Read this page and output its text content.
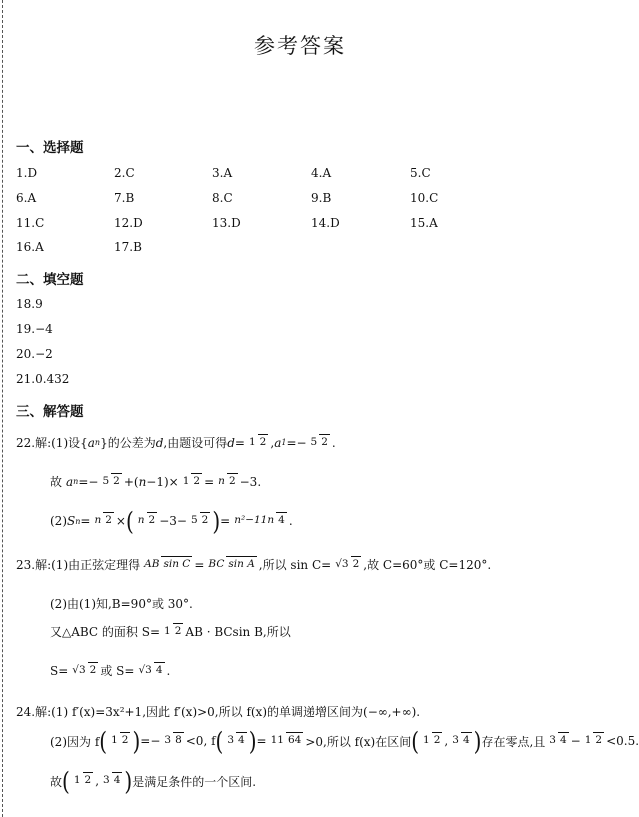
参考答案
一、选择题
1.D	2.C	3.A	4.A	5.C
6.A	7.B	8.C	9.B	10.C
11.C	12.D	13.D	14.D	15.A
16.A	17.B
二、填空题
18.9
19.−4
20.−2
21.0.432
三、解答题
22.解:(1)设{ a n }的公差为 d ,由题设可得 d = 1 2 , a 1 =− 5 2 .
故 a n =− 5 2 +( n −1)× 1 2 = n 2 −3.
(2) S n = n 2 × ( n 2 −3− 5 2 ) = n²−11n 4 .
23.解:(1)由正弦定理得 AB sin C = BC sin A ,所以 sin C= √3 2 ,故 C=60°或 C=120°.
(2)由(1)知,B=90°或 30°.
又△ABC 的面积 S= 1 2 AB · BCsin B,所以
S= √3 2 或 S= √3 4 .
24.解:(1) f′(x)=3x²+1,因此 f′(x)>0,所以 f(x)的单调递增区间为(−∞,+∞).
(2)因为 f ( 1 2 ) =− 3 8 <0, f ( 3 4 ) = 11 64 >0,所以 f(x)在区间 ( 1 2 , 3 4 ) 存在零点,且 3 4 − 1 2 <0.5.
故 ( 1 2 , 3 4 ) 是满足条件的一个区间.
